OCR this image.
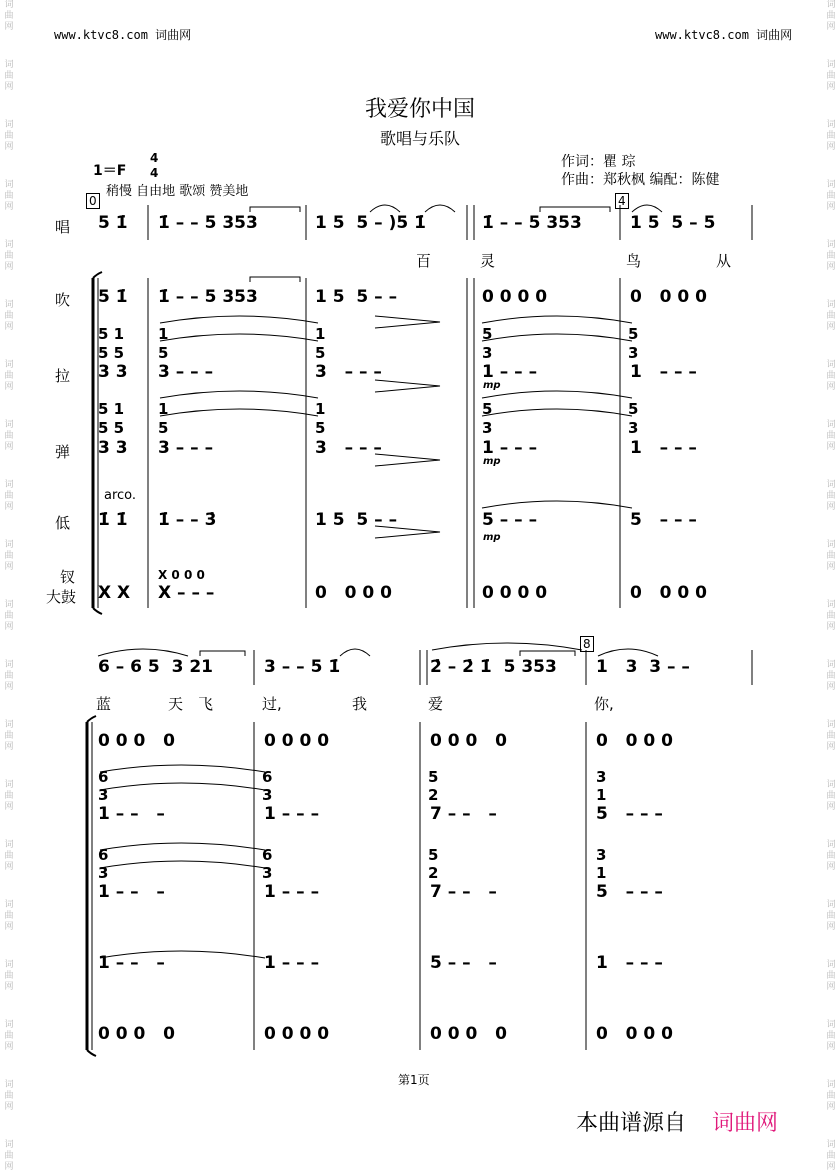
www.ktvc8.com 词曲网	www.ktvc8.com 词曲网
词
曲
网
词
曲
网
词
曲
网
词
曲
网
词
曲
网
词
曲
网
词
曲
网
词
曲
网
词
曲
网
词
曲
网
词
曲
网
词
曲
网
词
曲
网
词
曲
网
词
曲
网
词
曲
网
词
曲
网
词
曲
网
词
曲
网
词
曲
网
词
曲
网
词
曲
网
词
曲
网
词
曲
网
词
曲
网
词
曲
网
词
曲
网
词
曲
网
词
曲
网
词
曲
网
词
曲
网
词
曲
网
词
曲
网
词
曲
网
词
曲
网
词
曲
网
词
曲
网
词
曲
网
词
曲
网
词
曲
网
我爱你中国
歌唱与乐队
1＝F
4
4
稍慢 自由地 歌颂 赞美地
作词：瞿 琮
作曲：郑秋枫 编配：陈健
0	4
8
唱
吹
拉
弹
低
钗
大鼓
arco.
5 1̇ 1̇ – – 5 353	1 5  5 – )5 1̇	1̇ – – 5 353	1 5  5 – 5
百	灵	鸟	从
5 1̇ 1̇ – – 5 353	1 5  5 – –	0 0 0 0	0   0 0 0
5 1 1	1	5	5
5 5 5	5	3	3
3 3 3 – – –	3   – – –	1 – – –	1   – – –
mp
5 1 1	1	5	5
5 5 5	5	3	3
3 3 3 – – –	3   – – –	1 – – –	1   – – –
mp
1̇ 1̇ 1̇ – – 3̇	1 5  5 – –	5 – – –	5   – – –
mp
X X
X 0 0 0
X – – –	0   0 0 0	0 0 0 0	0   0 0 0
6 – 6 5  3 21	3 – – 5 1̇	2̇ – 2̇ 1̇  5 353 1   3  3 – –
蓝	天 飞	过,	我	爱	你,
0 0 0   0	0 0 0 0	0 0 0   0	0   0 0 0
6	6	5	3
3	3	2	1
1 – –   –	1 – – –	7 – –   –	5   – – –
6	6	5	3
3	3	2	1
1 – –   –	1 – – –	7 – –   –	5   – – –
1 – –   –	1 – – –	5 – –   –	1   – – –
0 0 0   0	0 0 0 0	0 0 0   0	0   0 0 0
第1页
本曲谱源自 词曲网
